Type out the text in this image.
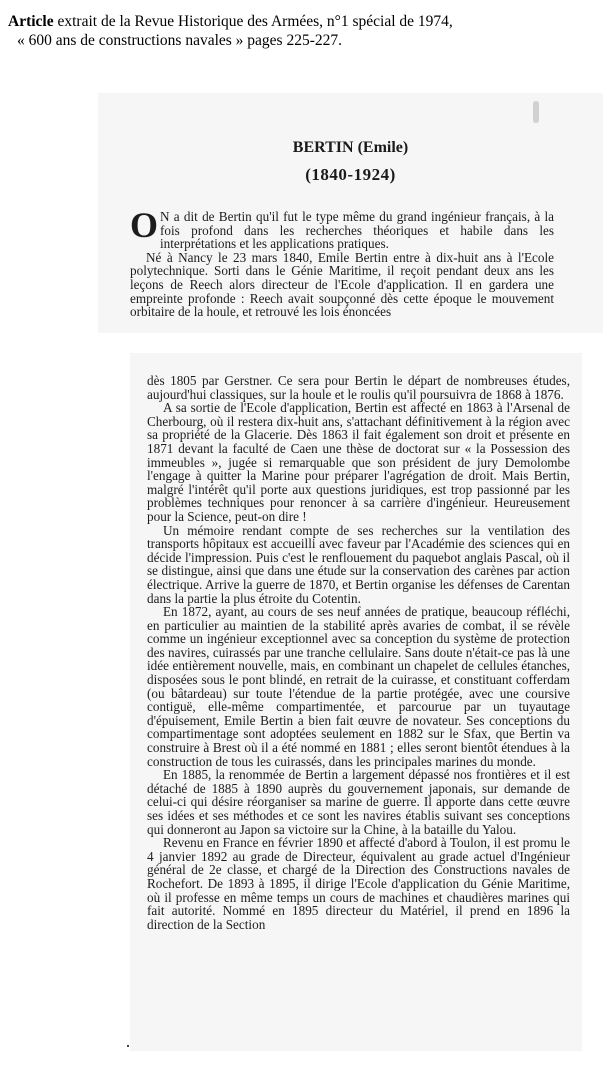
Article extrait de la Revue Historique des Armées, n°1 spécial de 1974,
« 600 ans de constructions navales » pages 225-227.
BERTIN (Emile)
(1840-1924)

O N a dit de Bertin qu'il fut le type même du grand ingénieur français, à la fois profond dans les recherches théoriques et habile dans les interprétations et les applications pratiques.

Né à Nancy le 23 mars 1840, Emile Bertin entre à dix-huit ans à l'Ecole polytechnique. Sorti dans le Génie Maritime, il reçoit pendant deux ans les leçons de Reech alors directeur de l'Ecole d'application. Il en gardera une empreinte profonde : Reech avait soupçonné dès cette époque le mouvement orbitaire de la houle, et retrouvé les lois énoncées

dès 1805 par Gerstner. Ce sera pour Bertin le départ de nombreuses études, aujourd'hui classiques, sur la houle et le roulis qu'il poursuivra de 1868 à 1876.

A sa sortie de l'Ecole d'application, Bertin est affecté en 1863 à l'Arsenal de Cherbourg, où il restera dix-huit ans, s'attachant définitivement à la région avec sa propriété de la Glacerie. Dès 1863 il fait également son droit et présente en 1871 devant la faculté de Caen une thèse de doctorat sur « la Possession des immeubles », jugée si remarquable que son président de jury Demolombe l'engage à quitter la Marine pour préparer l'agrégation de droit. Mais Bertin, malgré l'intérêt qu'il porte aux questions juridiques, est trop passionné par les problèmes techniques pour renoncer à sa carrière d'ingénieur. Heureusement pour la Science, peut-on dire !

Un mémoire rendant compte de ses recherches sur la ventilation des transports hôpitaux est accueilli avec faveur par l'Académie des sciences qui en décide l'impression. Puis c'est le renflouement du paquebot anglais Pascal, où il se distingue, ainsi que dans une étude sur la conservation des carènes par action électrique. Arrive la guerre de 1870, et Bertin organise les défenses de Carentan dans la partie la plus étroite du Cotentin.

En 1872, ayant, au cours de ses neuf années de pratique, beaucoup réfléchi, en particulier au maintien de la stabilité après avaries de combat, il se révèle comme un ingénieur exceptionnel avec sa conception du système de protection des navires, cuirassés par une tranche cellulaire. Sans doute n'était-ce pas là une idée entièrement nouvelle, mais, en combinant un chapelet de cellules étanches, disposées sous le pont blindé, en retrait de la cuirasse, et constituant cofferdam (ou bâtardeau) sur toute l'étendue de la partie protégée, avec une coursive contiguë, elle-même compartimentée, et parcourue par un tuyautage d'épuisement, Emile Bertin a bien fait œuvre de novateur. Ses conceptions du compartimentage sont adoptées seulement en 1882 sur le Sfax, que Bertin va construire à Brest où il a été nommé en 1881 ; elles seront bientôt étendues à la construction de tous les cuirassés, dans les principales marines du monde.

En 1885, la renommée de Bertin a largement dépassé nos frontières et il est détaché de 1885 à 1890 auprès du gouvernement japonais, sur demande de celui-ci qui désire réorganiser sa marine de guerre. Il apporte dans cette œuvre ses idées et ses méthodes et ce sont les navires établis suivant ses conceptions qui donneront au Japon sa victoire sur la Chine, à la bataille du Yalou.

Revenu en France en février 1890 et affecté d'abord à Toulon, il est promu le 4 janvier 1892 au grade de Directeur, équivalent au grade actuel d'Ingénieur général de 2e classe, et chargé de la Direction des Constructions navales de Rochefort. De 1893 à 1895, il dirige l'Ecole d'application du Génie Maritime, où il professe en même temps un cours de machines et chaudières marines qui fait autorité. Nommé en 1895 directeur du Matériel, il prend en 1896 la direction de la Section
